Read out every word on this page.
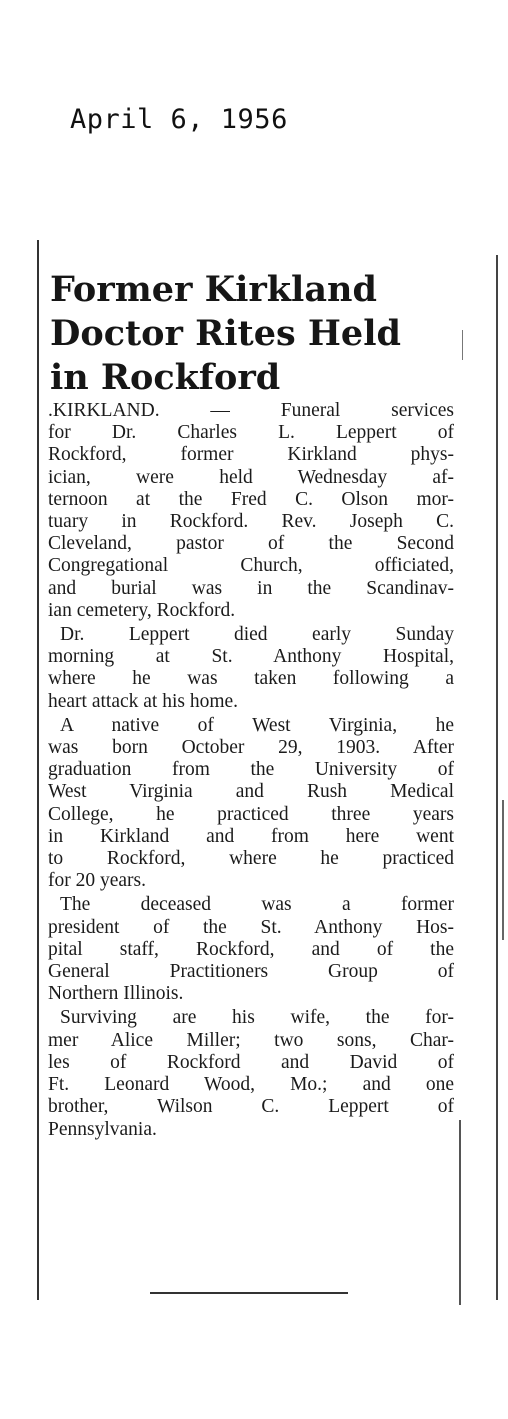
April 6, 1956
Former Kirkland
Doctor Rites Held
in Rockford

.KIRKLAND. — Funeral services
for Dr. Charles L. Leppert of
Rockford, former Kirkland phys-
ician, were held Wednesday af-
ternoon at the Fred C. Olson mor-
tuary in Rockford. Rev. Joseph C.
Cleveland, pastor of the Second
Congregational Church, officiated,
and burial was in the Scandinav-
ian cemetery, Rockford.

Dr. Leppert died early Sunday
morning at St. Anthony Hospital,
where he was taken following a
heart attack at his home.

A native of West Virginia, he
was born October 29, 1903. After
graduation from the University of
West Virginia and Rush Medical
College, he practiced three years
in Kirkland and from here went
to Rockford, where he practiced
for 20 years.

The deceased was a former
president of the St. Anthony Hos-
pital staff, Rockford, and of the
General Practitioners Group of
Northern Illinois.

Surviving are his wife, the for-
mer Alice Miller; two sons, Char-
les of Rockford and David of
Ft. Leonard Wood, Mo.; and one
brother, Wilson C. Leppert of
Pennsylvania.
